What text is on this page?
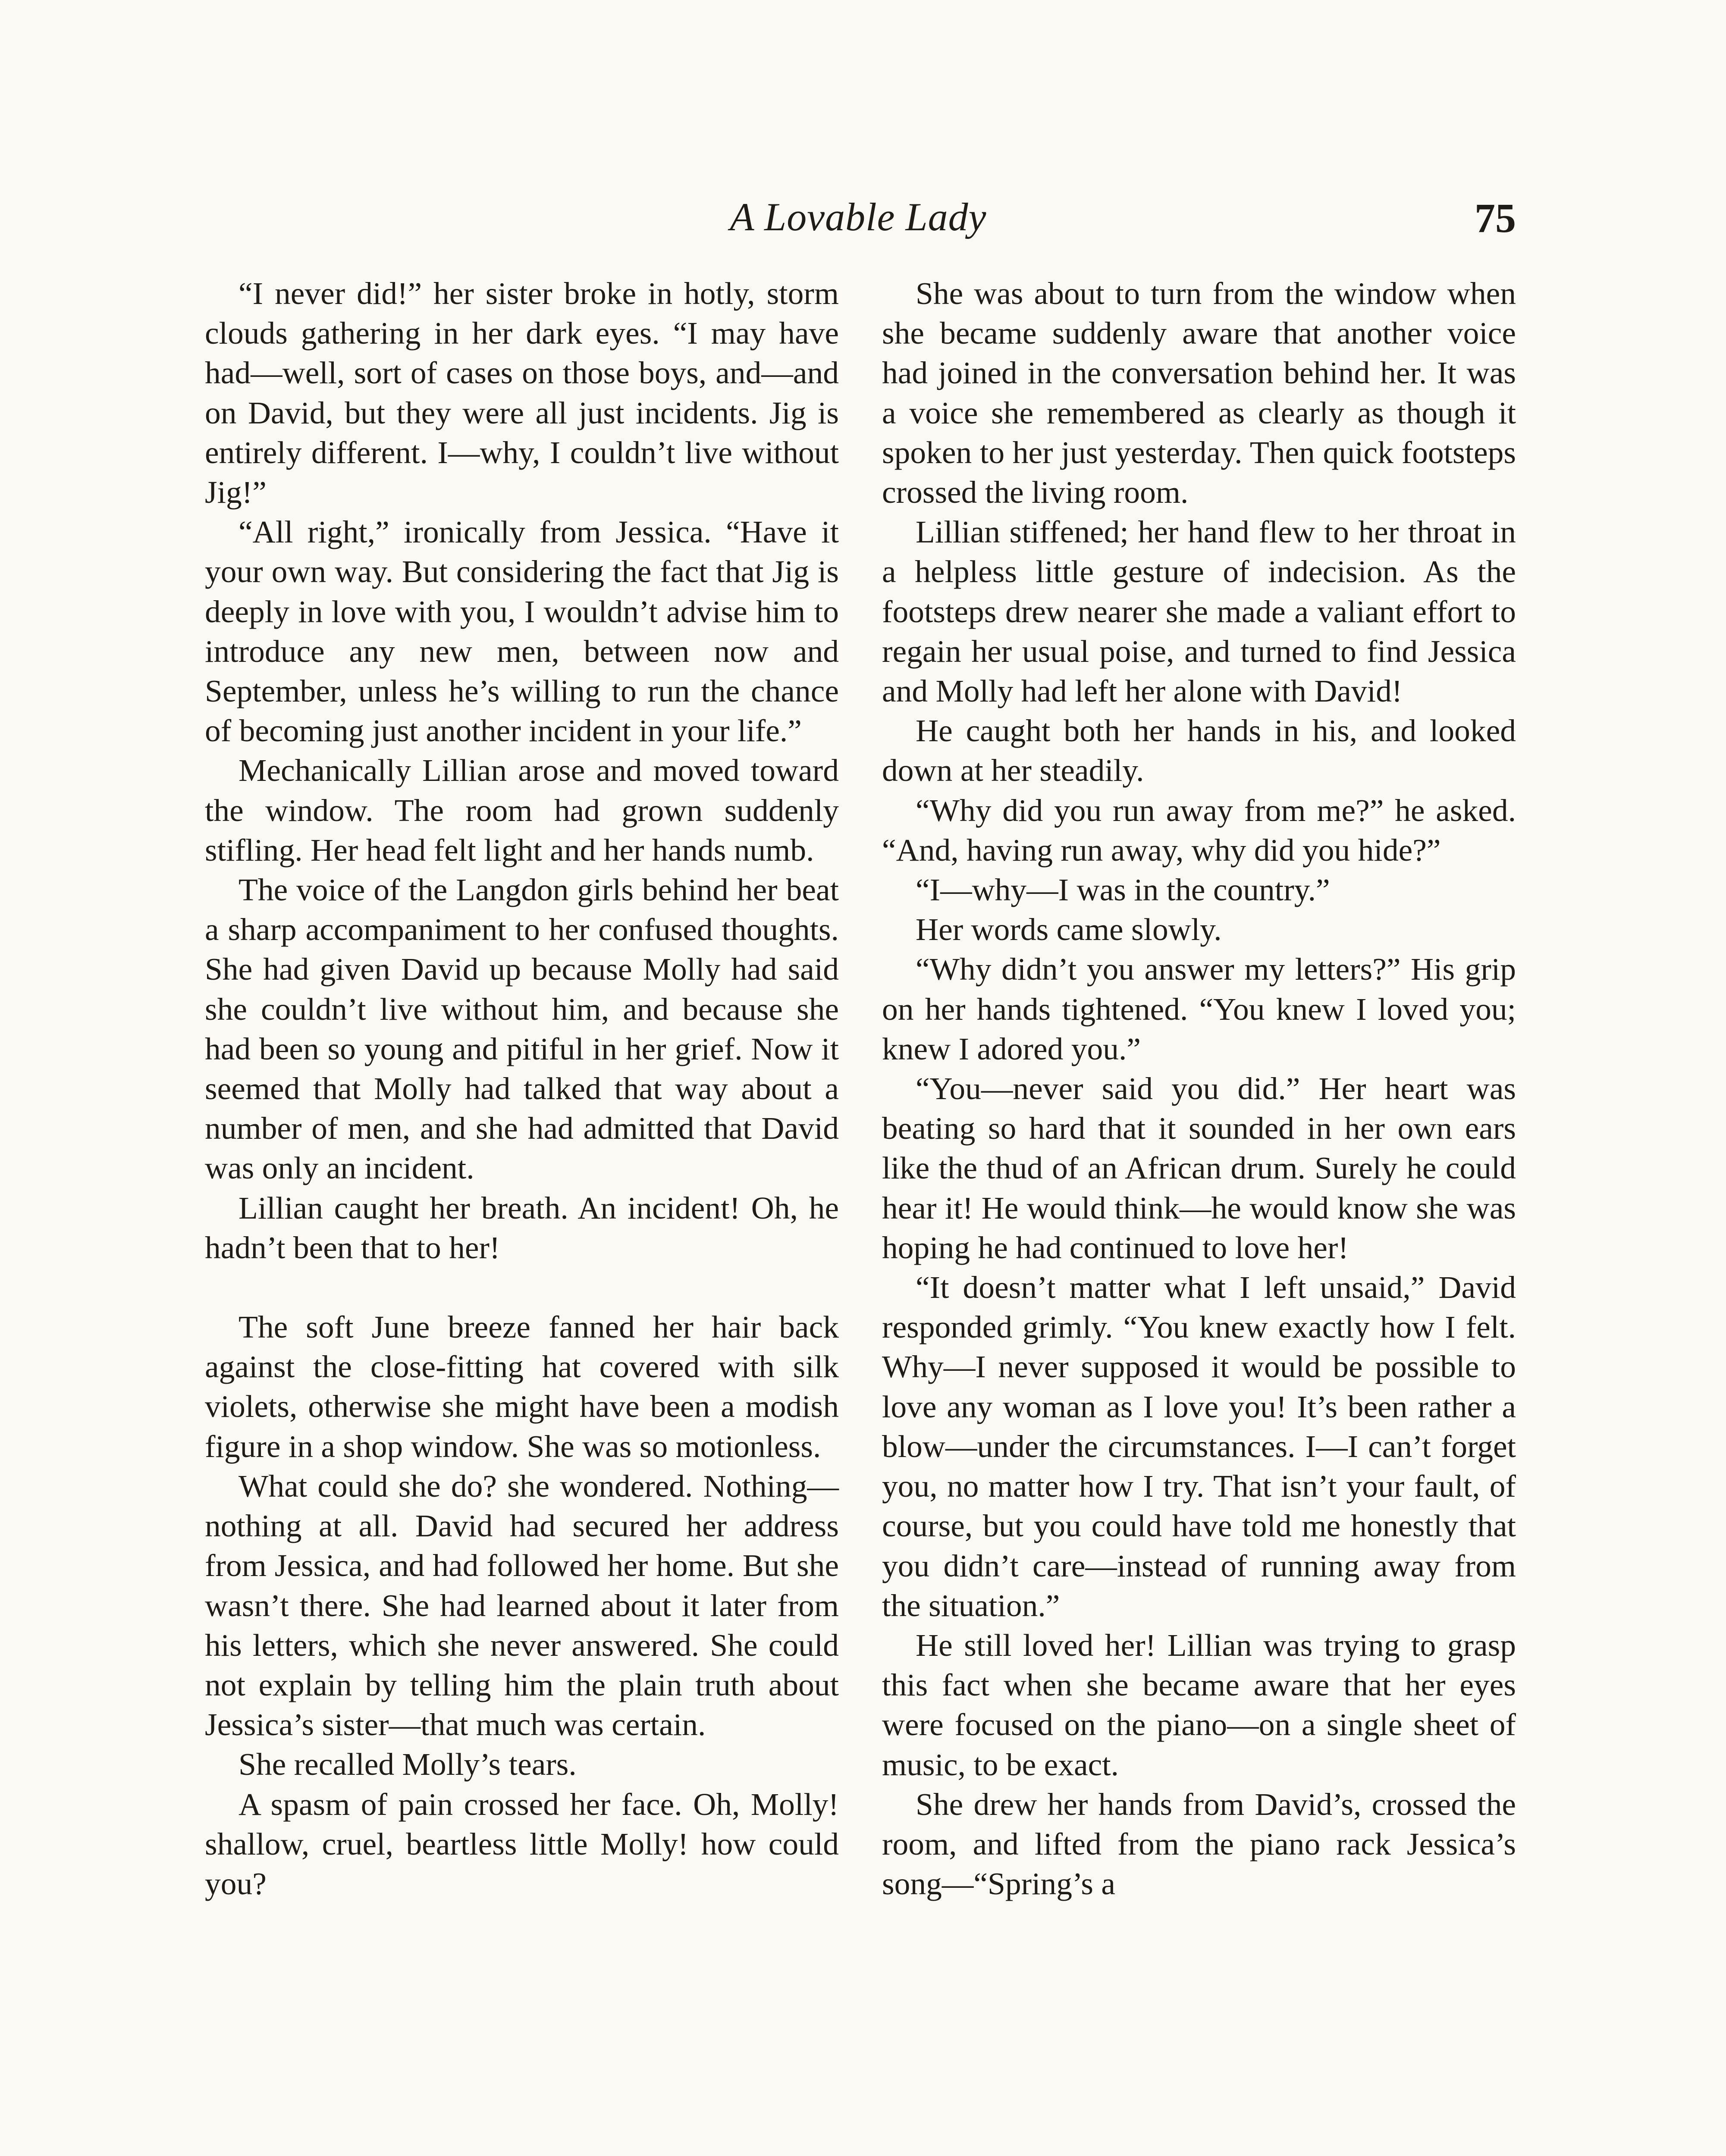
A Lovable Lady	75

“I never did!” her sister broke in hotly, storm clouds gathering in her dark eyes. “I may have had—well, sort of cases on those boys, and—and on David, but they were all just incidents. Jig is entirely different. I—why, I couldn’t live without Jig!”

“All right,” ironically from Jessica. “Have it your own way. But considering the fact that Jig is deeply in love with you, I wouldn’t advise him to introduce any new men, between now and September, unless he’s willing to run the chance of becoming just another incident in your life.”

Mechanically Lillian arose and moved toward the window. The room had grown suddenly stifling. Her head felt light and her hands numb.

The voice of the Langdon girls behind her beat a sharp accompaniment to her confused thoughts. She had given David up because Molly had said she couldn’t live without him, and because she had been so young and pitiful in her grief. Now it seemed that Molly had talked that way about a number of men, and she had admitted that David was only an incident.

Lillian caught her breath. An incident! Oh, he hadn’t been that to her!

The soft June breeze fanned her hair back against the close-fitting hat covered with silk violets, otherwise she might have been a modish figure in a shop window. She was so motionless.

What could she do? she wondered. Nothing—nothing at all. David had secured her address from Jessica, and had followed her home. But she wasn’t there. She had learned about it later from his letters, which she never answered. She could not explain by telling him the plain truth about Jessica’s sister—that much was certain.

She recalled Molly’s tears.

A spasm of pain crossed her face. Oh, Molly! shallow, cruel, beartless little Molly! how could you?

She was about to turn from the window when she became suddenly aware that another voice had joined in the conversation behind her. It was a voice she remembered as clearly as though it spoken to her just yesterday. Then quick footsteps crossed the living room.

Lillian stiffened; her hand flew to her throat in a helpless little gesture of indecision. As the footsteps drew nearer she made a valiant effort to regain her usual poise, and turned to find Jessica and Molly had left her alone with David!

He caught both her hands in his, and looked down at her steadily.

“Why did you run away from me?” he asked. “And, having run away, why did you hide?”

“I—why—I was in the country.”

Her words came slowly.

“Why didn’t you answer my letters?” His grip on her hands tightened. “You knew I loved you; knew I adored you.”

“You—never said you did.” Her heart was beating so hard that it sounded in her own ears like the thud of an African drum. Surely he could hear it! He would think—he would know she was hoping he had continued to love her!

“It doesn’t matter what I left unsaid,” David responded grimly. “You knew exactly how I felt. Why—I never supposed it would be possible to love any woman as I love you! It’s been rather a blow—under the circumstances. I—I can’t forget you, no matter how I try. That isn’t your fault, of course, but you could have told me honestly that you didn’t care—instead of running away from the situation.”

He still loved her! Lillian was trying to grasp this fact when she became aware that her eyes were focused on the piano—on a single sheet of music, to be exact.

She drew her hands from David’s, crossed the room, and lifted from the piano rack Jessica’s song—“Spring’s a
